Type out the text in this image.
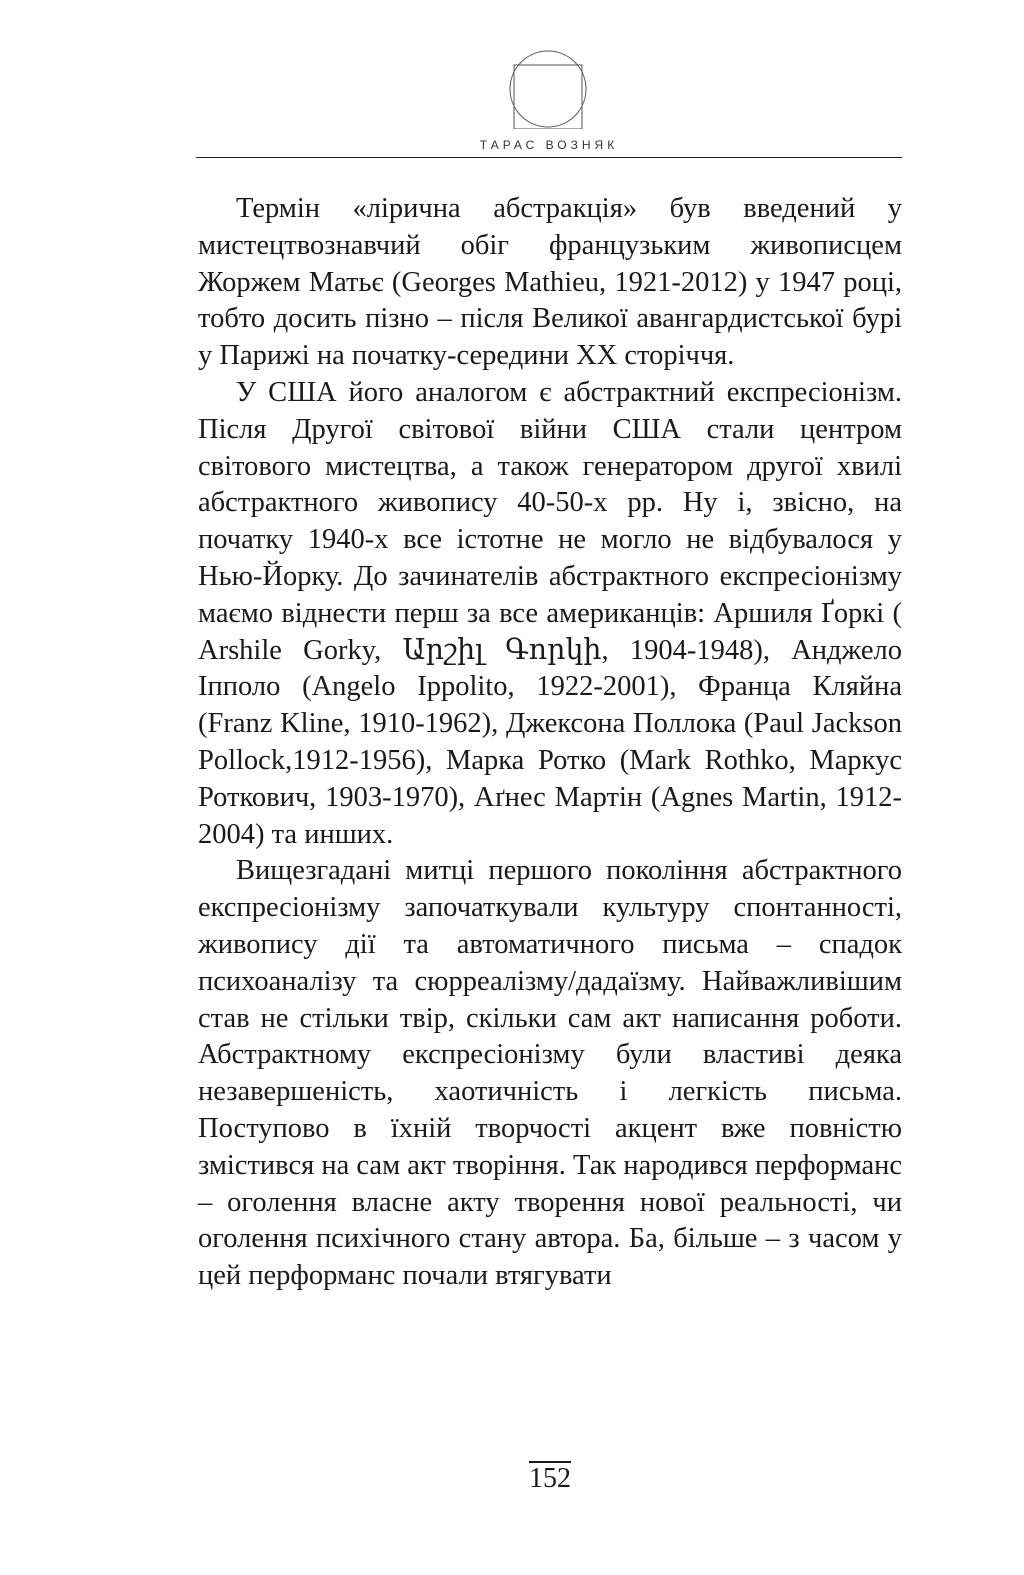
ТАРАС ВОЗНЯК

Термін «лірична абстракція» був введений у мистецтвознавчий обіг французьким живописцем Жоржем Матьє (Georges Mathieu, 1921-2012) у 1947 році, тобто досить пізно – після Великої авангардистської бурі у Парижі на початку-середини XX сторіччя.

У США його аналогом є абстрактний експресіонізм. Після Другої світової війни США стали центром світового мистецтва, а також генератором другої хвилі абстрактного живопису 40-50-х рр. Ну і, звісно, на початку 1940-х все істотне не могло не відбувалося у Нью-Йорку. До зачинателів абстрактного експресіонізму маємо віднести перш за все американців: Аршиля Ґоркі ( Arshile Gorky, Արշիլ Գորկի, 1904-1948), Анджело Іпполо (Angelo Ippolito, 1922-2001), Франца Кляйна (Franz Kline, 1910-1962), Джексона Поллока (Paul Jackson Pollock,1912-1956), Марка Ротко (Mark Rothko, Маркус Роткович, 1903-1970), Аґнес Мартін (Agnes Martin, 1912-2004) та инших.

Вищезгадані митці першого покоління абстрактного експресіонізму започаткували культуру спонтанності, живопису дії та автоматичного письма – спадок психоаналізу та сюрреалізму/дадаїзму. Найважливішим став не стільки твір, скільки сам акт написання роботи. Абстрактному експресіонізму були властиві деяка незавершеність, хаотичність і легкість письма. Поступово в їхній творчості акцент вже повністю змістився на сам акт творіння. Так народився перформанс – оголення власне акту творення нової реальності, чи оголення психічного стану автора. Ба, більше – з часом у цей перформанс почали втягувати

152
